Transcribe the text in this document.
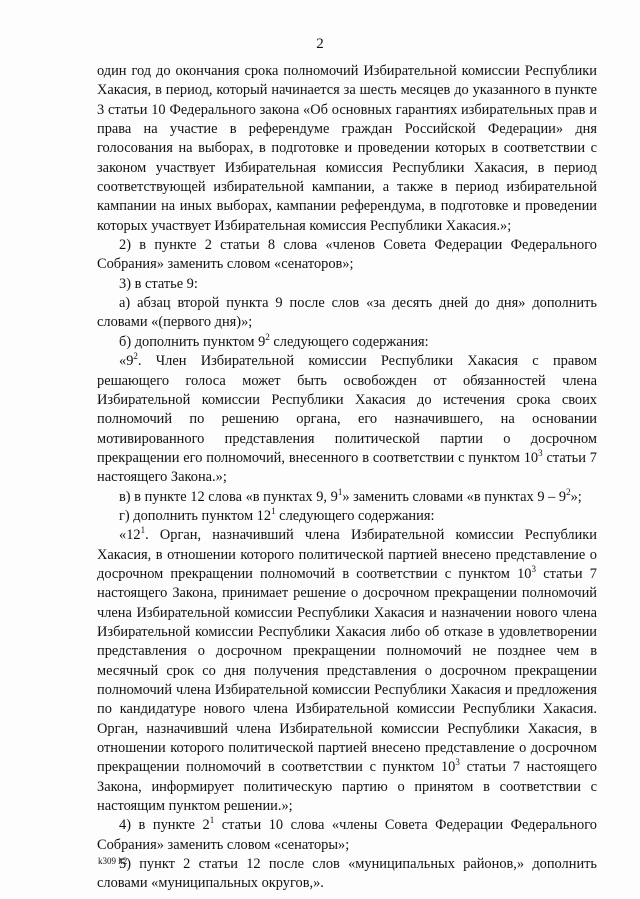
2

один год до окончания срока полномочий Избирательной комиссии Республики Хакасия, в период, который начинается за шесть месяцев до указанного в пункте 3 статьи 10 Федерального закона «Об основных гарантиях избирательных прав и права на участие в референдуме граждан Российской Федерации» дня голосования на выборах, в подготовке и проведении которых в соответствии с законом участвует Избирательная комиссия Республики Хакасия, в период соответствующей избирательной кампании, а также в период избирательной кампании на иных выборах, кампании референдума, в подготовке и проведении которых участвует Избирательная комиссия Республики Хакасия.»;

2) в пункте 2 статьи 8 слова «членов Совета Федерации Федерального Собрания» заменить словом «сенаторов»;

3) в статье 9:

а) абзац второй пункта 9 после слов «за десять дней до дня» дополнить словами «(первого дня)»;

б) дополнить пунктом $9^2$ следующего содержания:

«$9^2$. Член Избирательной комиссии Республики Хакасия с правом решающего голоса может быть освобожден от обязанностей члена Избирательной комиссии Республики Хакасия до истечения срока своих полномочий по решению органа, его назначившего, на основании мотивированного представления политической партии о досрочном прекращении его полномочий, внесенного в соответствии с пунктом $10^3$ статьи 7 настоящего Закона.»;

в) в пункте 12 слова «в пунктах 9, $9^1$» заменить словами «в пунктах $9 - 9^2$»;

г) дополнить пунктом $12^1$ следующего содержания:

«$12^1$. Орган, назначивший члена Избирательной комиссии Республики Хакасия, в отношении которого политической партией внесено представление о досрочном прекращении полномочий в соответствии с пунктом $10^3$ статьи 7 настоящего Закона, принимает решение о досрочном прекращении полномочий члена Избирательной комиссии Республики Хакасия и назначении нового члена Избирательной комиссии Республики Хакасия либо об отказе в удовлетворении представления о досрочном прекращении полномочий не позднее чем в месячный срок со дня получения представления о досрочном прекращении полномочий члена Избирательной комиссии Республики Хакасия и предложения по кандидатуре нового члена Избирательной комиссии Республики Хакасия. Орган, назначивший члена Избирательной комиссии Республики Хакасия, в отношении которого политической партией внесено представление о досрочном прекращении полномочий в соответствии с пунктом $10^3$ статьи 7 настоящего Закона, информирует политическую партию о принятом в соответствии с настоящим пунктом решении.»;

4) в пункте $2^1$ статьи 10 слова «члены Совета Федерации Федерального Собрания» заменить словом «сенаторы»;

5) пункт 2 статьи 12 после слов «муниципальных районов,» дополнить словами «муниципальных округов,».

k309 h2
